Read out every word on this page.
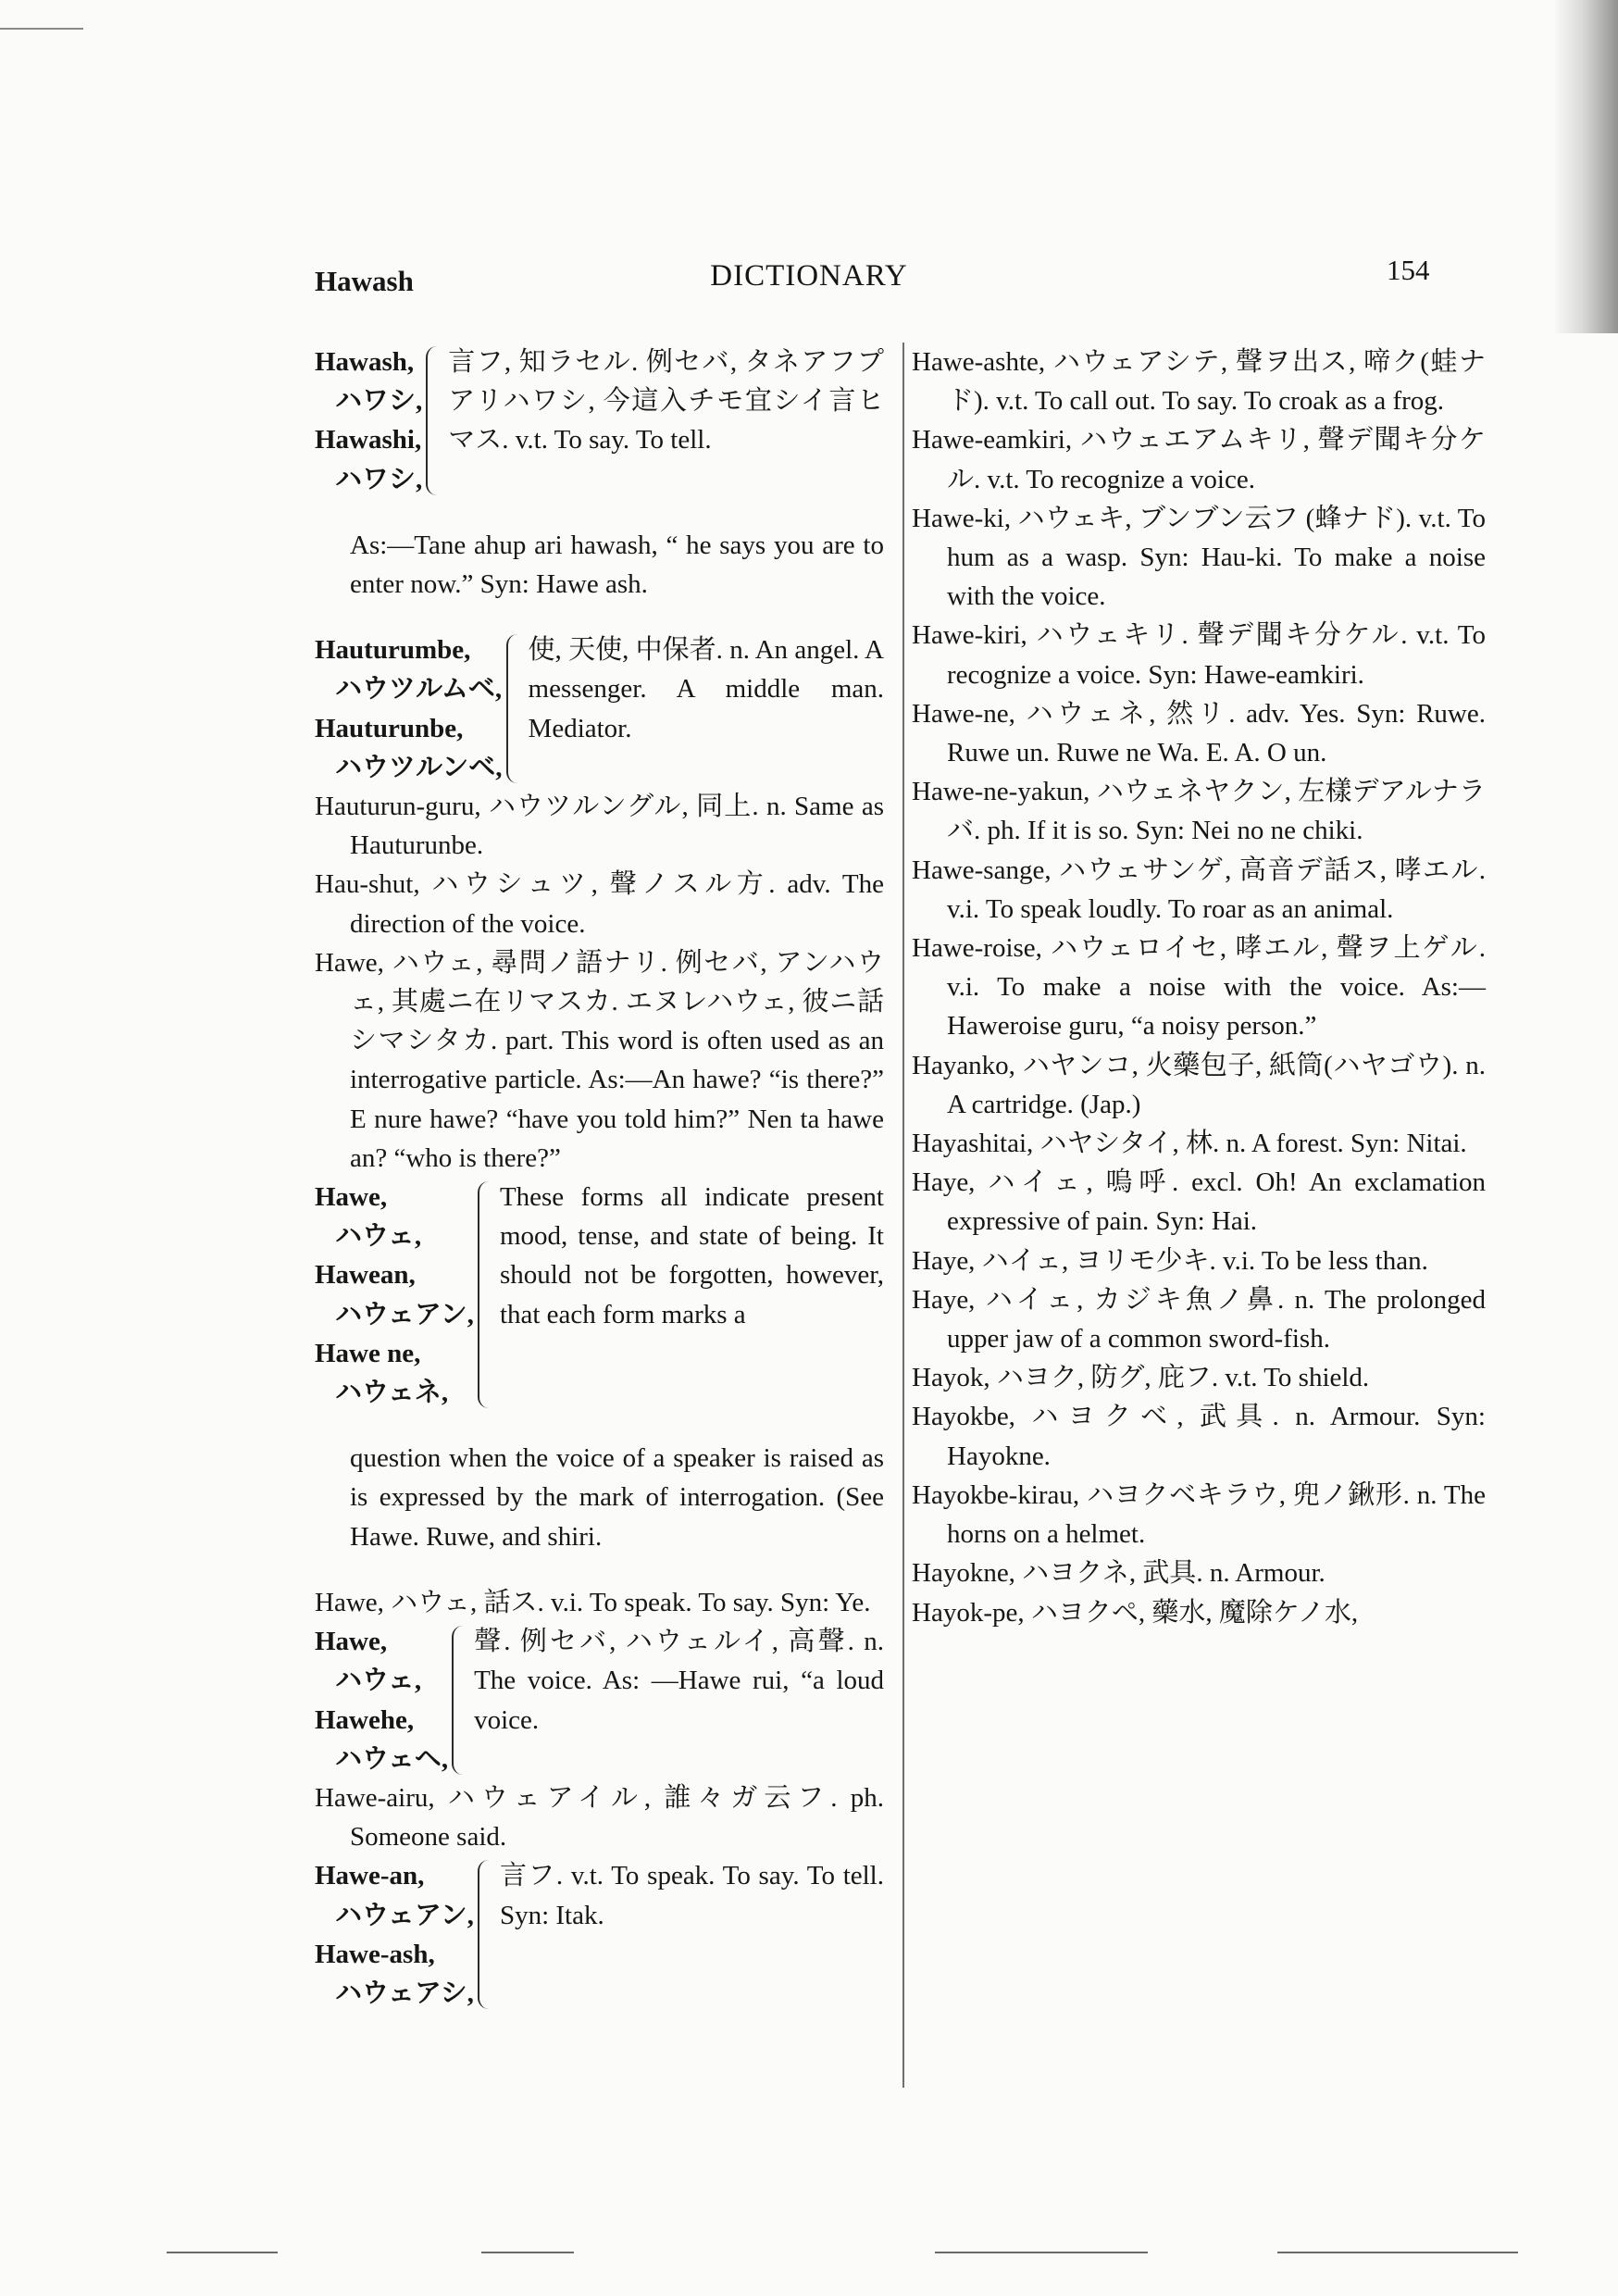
Hawash	DICTIONARY	154
Hawash,
ハワシ,
Hawashi,
ハワシ,
言フ, 知ラセル. 例セバ, タネアフプアリハワシ, 今這入チモ宜シイ言ヒマス. v.t. To say. To tell.

As:—Tane ahup ari hawash, “ he says you are to enter now.” Syn: Hawe ash.

Hauturumbe,
ハウツルムベ,
Hauturunbe,
ハウツルンベ,
使, 天使, 中保者. n. An angel. A messenger. A middle man. Mediator.

Hauturun-guru, ハウツルングル, 同上. n. Same as Hauturunbe.

Hau-shut, ハウシュツ, 聲ノスル方. adv. The direction of the voice.

Hawe, ハウェ, 尋問ノ語ナリ. 例セバ, アンハウェ, 其處ニ在リマスカ. エヌレハウェ, 彼ニ話シマシタカ. part. This word is often used as an interrogative particle. As:—An hawe? “is there?” E nure hawe? “have you told him?” Nen ta hawe an? “who is there?”

Hawe,
ハウェ,
Hawean,
ハウェアン,
Hawe ne,
ハウェネ,
These forms all indicate present mood, tense, and state of being. It should not be forgotten, however, that each form marks a

question when the voice of a speaker is raised as is expressed by the mark of interrogation. (See Hawe. Ruwe, and shiri.

Hawe, ハウェ, 話ス. v.i. To speak. To say. Syn: Ye.

Hawe,
ハウェ,
Hawehe,
ハウェヘ,
聲. 例セバ, ハウェルイ, 高聲. n. The voice. As: —Hawe rui, “a loud voice.

Hawe-airu, ハウェアイル, 誰々ガ云フ. ph. Someone said.

Hawe-an,
ハウェアン,
Hawe-ash,
ハウェアシ,
言フ. v.t. To speak. To say. To tell. Syn: Itak.

Hawe-ashte, ハウェアシテ, 聲ヲ出ス, 啼ク(蛙ナド). v.t. To call out. To say. To croak as a frog.

Hawe-eamkiri, ハウェエアムキリ, 聲デ聞キ分ケル. v.t. To recognize a voice.

Hawe-ki, ハウェキ, ブンブン云フ (蜂ナド). v.t. To hum as a wasp. Syn: Hau-ki. To make a noise with the voice.

Hawe-kiri, ハウェキリ. 聲デ聞キ分ケル. v.t. To recognize a voice. Syn: Hawe-eamkiri.

Hawe-ne, ハウェネ, 然リ. adv. Yes. Syn: Ruwe. Ruwe un. Ruwe ne Wa. E. A. O un.

Hawe-ne-yakun, ハウェネヤクン, 左樣デアルナラバ. ph. If it is so. Syn: Nei no ne chiki.

Hawe-sange, ハウェサンゲ, 高音デ話ス, 哮エル. v.i. To speak loudly. To roar as an animal.

Hawe-roise, ハウェロイセ, 哮エル, 聲ヲ上ゲル. v.i. To make a noise with the voice. As:—Haweroise guru, “a noisy person.”

Hayanko, ハヤンコ, 火藥包子, 紙筒(ハヤゴウ). n. A cartridge. (Jap.)

Hayashitai, ハヤシタイ, 林. n. A forest. Syn: Nitai.

Haye, ハイェ, 嗚呼. excl. Oh! An exclamation expressive of pain. Syn: Hai.

Haye, ハイェ, ヨリモ少キ. v.i. To be less than.

Haye, ハイェ, カジキ魚ノ鼻. n. The prolonged upper jaw of a common sword-fish.

Hayok, ハヨク, 防グ, 庇フ. v.t. To shield.

Hayokbe, ハヨクベ, 武具. n. Armour. Syn: Hayokne.

Hayokbe-kirau, ハヨクベキラウ, 兜ノ鍬形. n. The horns on a helmet.

Hayokne, ハヨクネ, 武具. n. Armour.

Hayok-pe, ハヨクペ, 藥水, 魔除ケノ水,
